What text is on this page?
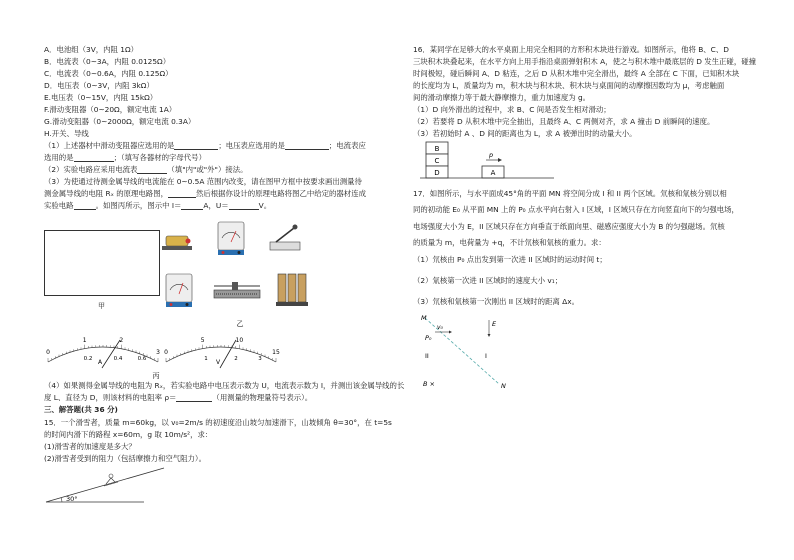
A．电池组（3V，内阻 1Ω）
B．电流表（0~3A，内阻 0.0125Ω）
C．电流表（0~0.6A，内阻 0.125Ω）
D．电压表（0~3V，内阻 3kΩ）
E.电压表（0~15V，内阻 15kΩ）
F.滑动变阻器（0~20Ω，额定电流 1A）
G.滑动变阻器（0~2000Ω，额定电流 0.3A）
H.开关、导线
（1）上述器材中滑动变阻器应选用的是	；电压表应选用的是	；电流表应
选用的是	；（填写各器材的字母代号）
（2）实验电路应采用电流表	（填"内"或"外"）接法。
（3）为使通过待测金属导线的电流能在 0~0.5A 范围内改变，请在图甲方框中按要求画出测量待
测金属导线的电阻 Rₓ 的原理电路图，	然后根据你设计的原理电路将图乙中给定的器材连成
实验电路	。如图丙所示，图示中 I＝	A，U＝	V。
甲
乙
0
1	2
3
0.2	0.4	0.6
A
0
5	10
15
1	2	3
V
丙
（4）如果测得金属导线的电阻为 Rₓ，若实验电路中电压表示数为 U，电流表示数为 I，并测出该金属导线的长
度 L、直径为 D，则该材料的电阻率 ρ＝	（用测量的物理量符号表示）。
三、解答题(共 36 分)
15．一个滑雪者，质量 m=60kg，以 v₀=2m/s 的初速度沿山坡匀加速滑下，山坡倾角 θ=30°，在 t=5s
的时间内滑下的路程 x=60m，g 取 10m/s²，求：
(1)滑雪者的加速度是多大？
(2)滑雪者受到的阻力（包括摩擦力和空气阻力）。
30°
16．某同学在足够大的水平桌面上用完全相同的方形积木块进行游戏。如图所示，他将 B、C、D
三块积木块叠起来，在水平方向上用手指沿桌面弹射积木 A，使之与积木堆中最底层的 D 发生正碰，碰撞
时间极短，碰后瞬间 A、D 粘连，之后 D 从积木堆中完全滑出，最终 A 全部在 C 下面，已知积木块
的长度均为 L，质量均为 m，积木块与积木块、积木块与桌面间的动摩擦因数均为 μ，考虑触面
间的滑动摩擦力等于最大静摩擦力，重力加速度为 g。
（1）D 向外滑出的过程中，求 B、C 间是否发生相对滑动；
（2）若要将 D 从积木堆中完全抽出，且最终 A、C 两侧对齐，求 A 撞击 D 前瞬间的速度。
（3）若初始时 A 、D 间的距离也为 L，求 A 被弹出时的动量大小。
B
C
D	A
p
17．如图所示，与水平面成45°角的平面 MN 将空间分成 I 和 II 两个区域。氘核和氚核分别以相
同的初动能 E₀ 从平面 MN 上的 P₀ 点水平向右射入 I 区域，I 区域只存在方向竖直向下的匀强电场，
电场强度大小为 E，II 区域只存在方向垂直于纸面向里、磁感应强度大小为 B 的匀强磁场。氘核
的质量为 m，电荷量为 +q，不计氘核和氚核的重力。求：
（1）氘核由 P₀ 点出发到第一次进 II 区域时的运动时间 t；
（2）氚核第一次进 II 区域时的速度大小 v₁；
（3）氘核和氚核第一次刚出 II 区域时的距离 Δx。
M
N
P₀
v₀	E
I
II
B ×
